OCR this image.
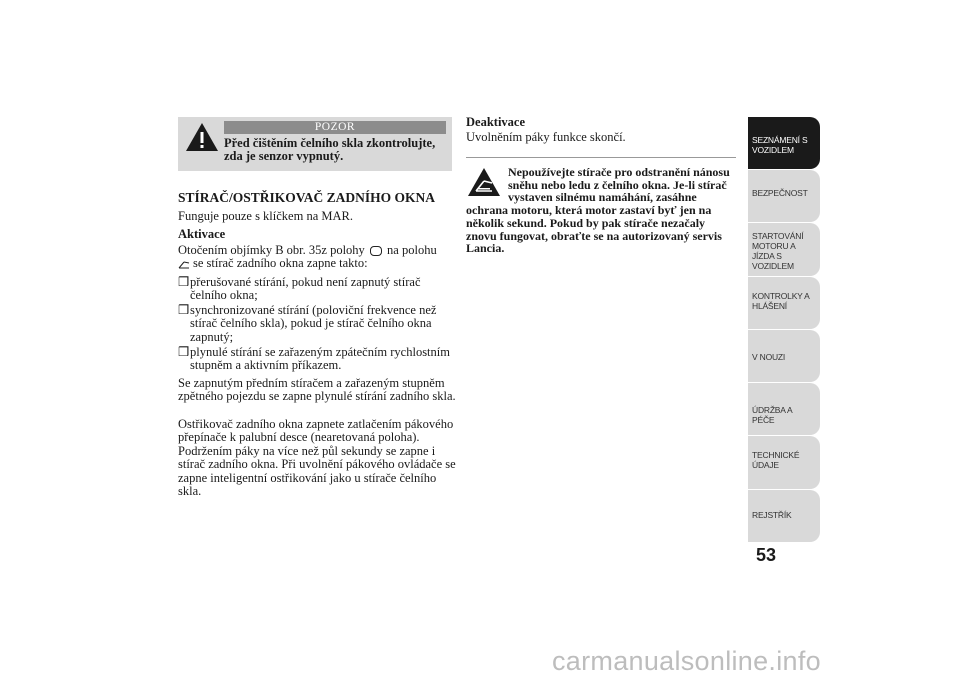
POZOR
Před čištěním čelního skla zkontrolujte, zda je senzor vypnutý.
STÍRAČ/OSTŘIKOVAČ ZADNÍHO OKNA
Funguje pouze s klíčkem na MAR.
Aktivace
Otočením objímky B obr. 35z polohy na polohu
se stírač zadního okna zapne takto:
❒ přerušované stírání, pokud není zapnutý stírač čelního okna;
❒ synchronizované stírání (poloviční frekvence než stírač čelního skla), pokud je stírač čelního okna zapnutý;
❒ plynulé stírání se zařazeným zpátečním rychlostním stupněm a aktivním příkazem.
Se zapnutým předním stíračem a zařazeným stupněm zpětného pojezdu se zapne plynulé stírání zadního skla.
Ostřikovač zadního okna zapnete zatlačením pákového přepínače k palubní desce (nearetovaná poloha). Podržením páky na více než půl sekundy se zapne i stírač zadního okna. Při uvolnění pákového ovládače se zapne inteligentní ostřikování jako u stírače čelního skla.
Deaktivace
Uvolněním páky funkce skončí.
Nepoužívejte stírače pro odstranění nánosu sněhu nebo ledu z čelního okna. Je-li stírač vystaven silnému namáhání, zasáhne ochrana motoru, která motor zastaví byť jen na několik sekund. Pokud by pak stírače nezačaly znovu fungovat, obraťte se na autorizovaný servis Lancia.
SEZNÁMENÍ S VOZIDLEM
BEZPEČNOST
STARTOVÁNÍ MOTORU A JÍZDA S VOZIDLEM
KONTROLKY A HLÁŠENÍ
V NOUZI
ÚDRŽBA A PÉČE
TECHNICKÉ ÚDAJE
REJSTŘÍK
53
carmanualsonline.info
